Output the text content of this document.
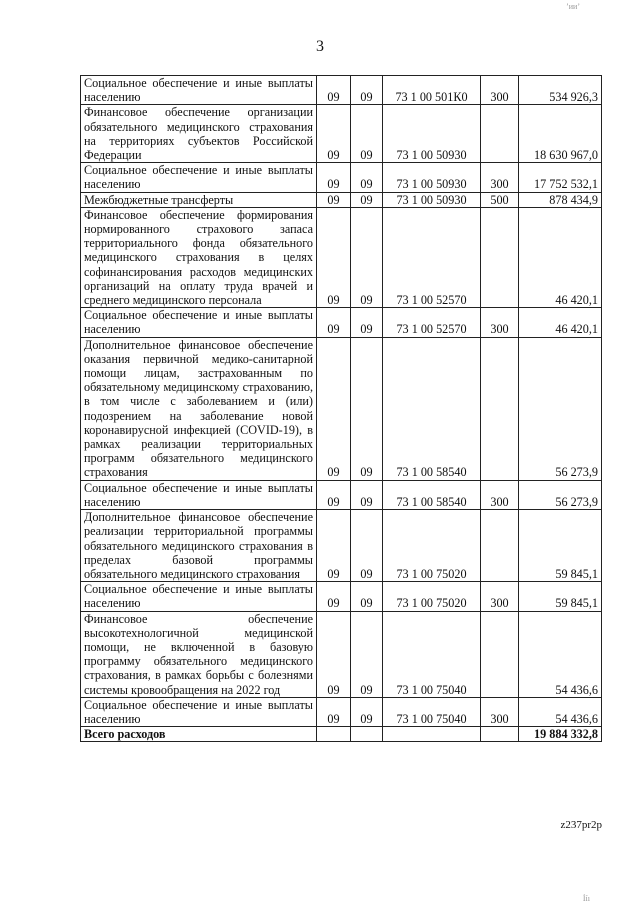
3
Социальное обеспечение и иные выплаты населению	09	09	73 1 00 501К0	300	534 926,3
Финансовое обеспечение организации обязательного медицинского страхования на территориях субъектов Российской Федерации	09	09	73 1 00 50930		18 630 967,0
Социальное обеспечение и иные выплаты населению	09	09	73 1 00 50930	300	17 752 532,1
Межбюджетные трансферты	09	09	73 1 00 50930	500	878 434,9
Финансовое обеспечение формирования нормированного страхового запаса территориального фонда обязательного медицинского страхования в целях софинансирования расходов медицинских организаций на оплату труда врачей и среднего медицинского персонала	09	09	73 1 00 52570		46 420,1
Социальное обеспечение и иные выплаты населению	09	09	73 1 00 52570	300	46 420,1
Дополнительное финансовое обеспечение оказания первичной медико-санитарной помощи лицам, застрахованным по обязательному медицинскому страхованию, в том числе с заболеванием и (или) подозрением на заболевание новой коронавирусной инфекцией (COVID-19), в рамках реализации территориальных программ обязательного медицинского страхования	09	09	73 1 00 58540		56 273,9
Социальное обеспечение и иные выплаты населению	09	09	73 1 00 58540	300	56 273,9
Дополнительное финансовое обеспечение реализации территориальной программы обязательного медицинского страхования в пределах базовой программы обязательного медицинского страхования	09	09	73 1 00 75020		59 845,1
Социальное обеспечение и иные выплаты населению	09	09	73 1 00 75020	300	59 845,1
Финансовое обеспечение высокотехнологичной медицинской помощи, не включенной в базовую программу обязательного медицинского страхования, в рамках борьбы с болезнями системы кровообращения на 2022 год	09	09	73 1 00 75040		54 436,6
Социальное обеспечение и иные выплаты населению	09	09	73 1 00 75040	300	54 436,6
Всего расходов					19 884 332,8
z237pr2p
’ии’
İíı
